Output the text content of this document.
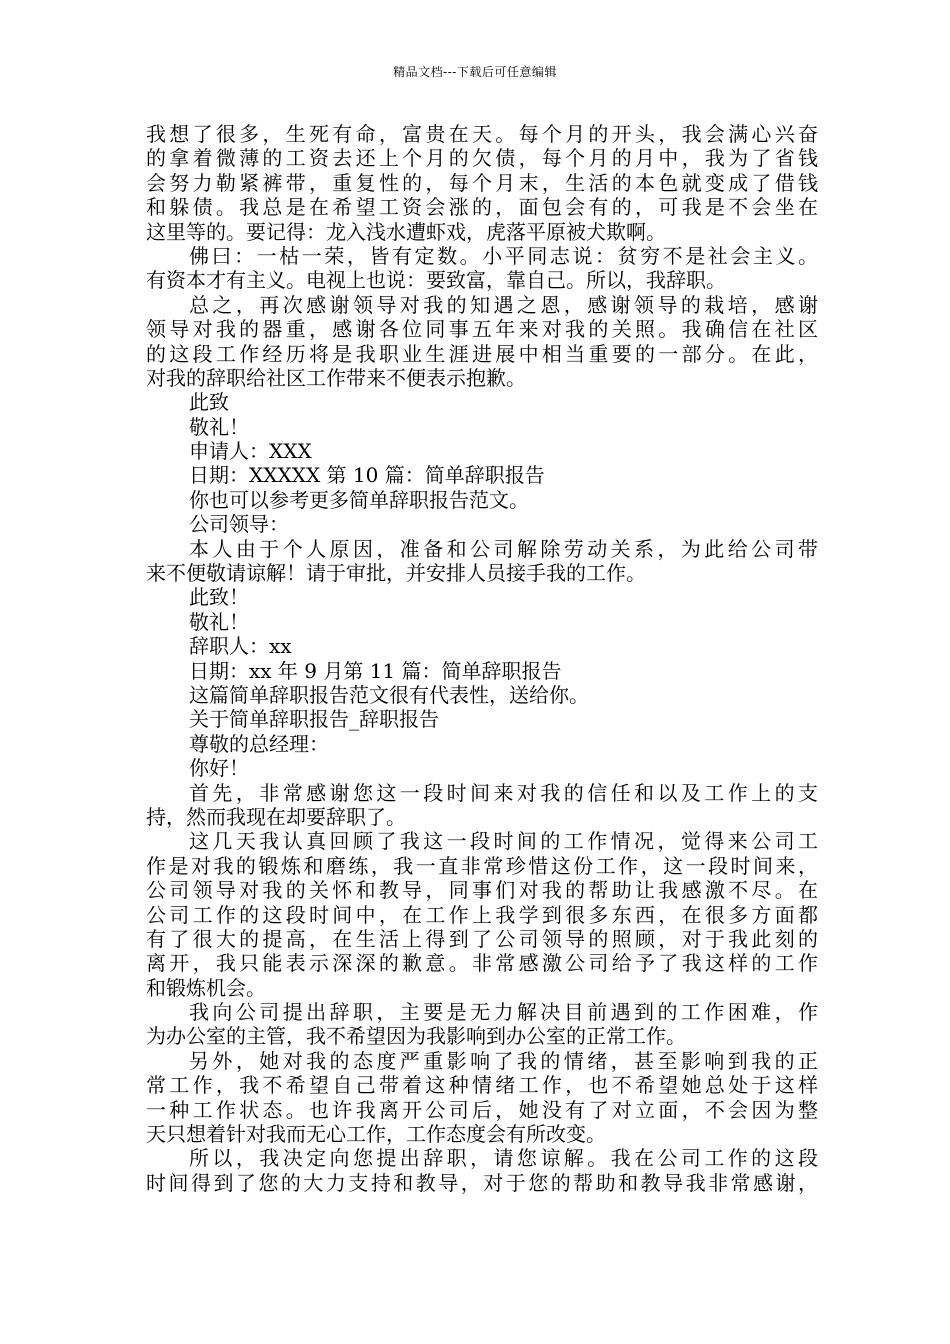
精品文档---下载后可任意编辑
我想了很多，生死有命，富贵在天。每个月的开头，我会满心兴奋
的拿着微薄的工资去还上个月的欠债，每个月的月中，我为了省钱
会努力勒紧裤带，重复性的，每个月末，生活的本色就变成了借钱
和躲债。我总是在希望工资会涨的，面包会有的，可我是不会坐在
这里等的。要记得：龙入浅水遭虾戏，虎落平原被犬欺啊。
佛曰：一枯一荣，皆有定数。小平同志说：贫穷不是社会主义。
有资本才有主义。电视上也说：要致富，靠自己。所以，我辞职。
总之，再次感谢领导对我的知遇之恩，感谢领导的栽培，感谢
领导对我的器重，感谢各位同事五年来对我的关照。我确信在社区
的这段工作经历将是我职业生涯进展中相当重要的一部分。在此，
对我的辞职给社区工作带来不便表示抱歉。
此致
敬礼！
申请人：XXX
日期：XXXXX 第 10 篇：简单辞职报告
你也可以参考更多简单辞职报告范文。
公司领导：
本人由于个人原因，准备和公司解除劳动关系，为此给公司带
来不便敬请谅解！请于审批，并安排人员接手我的工作。
此致！
敬礼！
辞职人：xx
日期：xx 年 9 月第 11 篇：简单辞职报告
这篇简单辞职报告范文很有代表性，送给你。
关于简单辞职报告_辞职报告
尊敬的总经理：
你好！
首先，非常感谢您这一段时间来对我的信任和以及工作上的支
持，然而我现在却要辞职了。
这几天我认真回顾了我这一段时间的工作情况，觉得来公司工
作是对我的锻炼和磨练，我一直非常珍惜这份工作，这一段时间来，
公司领导对我的关怀和教导，同事们对我的帮助让我感激不尽。在
公司工作的这段时间中，在工作上我学到很多东西，在很多方面都
有了很大的提高，在生活上得到了公司领导的照顾，对于我此刻的
离开，我只能表示深深的歉意。非常感激公司给予了我这样的工作
和锻炼机会。
我向公司提出辞职，主要是无力解决目前遇到的工作困难，作
为办公室的主管，我不希望因为我影响到办公室的正常工作。
另外，她对我的态度严重影响了我的情绪，甚至影响到我的正
常工作，我不希望自己带着这种情绪工作，也不希望她总处于这样
一种工作状态。也许我离开公司后，她没有了对立面，不会因为整
天只想着针对我而无心工作，工作态度会有所改变。
所以，我决定向您提出辞职，请您谅解。我在公司工作的这段
时间得到了您的大力支持和教导，对于您的帮助和教导我非常感谢，
